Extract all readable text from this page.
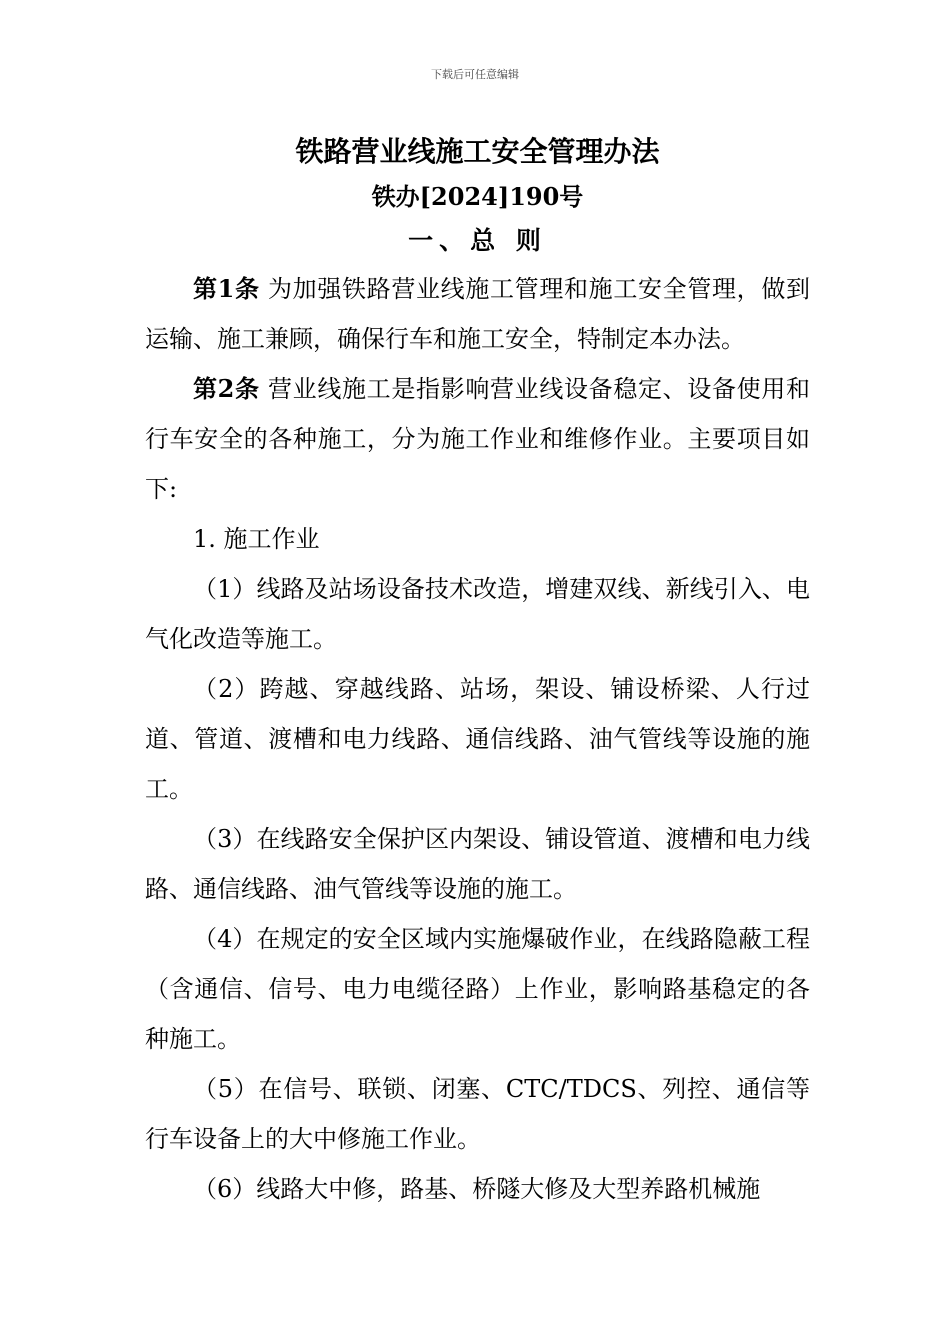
下载后可任意编辑
铁路营业线施工安全管理办法
铁办[2024]190号
一、总 则

第1条 为加强铁路营业线施工管理和施工安全管理，做到运输、施工兼顾，确保行车和施工安全，特制定本办法。

第2条 营业线施工是指影响营业线设备稳定、设备使用和行车安全的各种施工，分为施工作业和维修作业。主要项目如下:

1. 施工作业

（1）线路及站场设备技术改造，增建双线、新线引入、电气化改造等施工。

（2）跨越、穿越线路、站场，架设、铺设桥梁、人行过道、管道、渡槽和电力线路、通信线路、油气管线等设施的施工。

（3）在线路安全保护区内架设、铺设管道、渡槽和电力线路、通信线路、油气管线等设施的施工。

（4）在规定的安全区域内实施爆破作业，在线路隐蔽工程（含通信、信号、电力电缆径路）上作业，影响路基稳定的各种施工。

（5）在信号、联锁、闭塞、CTC/TDCS、列控、通信等行车设备上的大中修施工作业。

（6）线路大中修，路基、桥隧大修及大型养路机械施
